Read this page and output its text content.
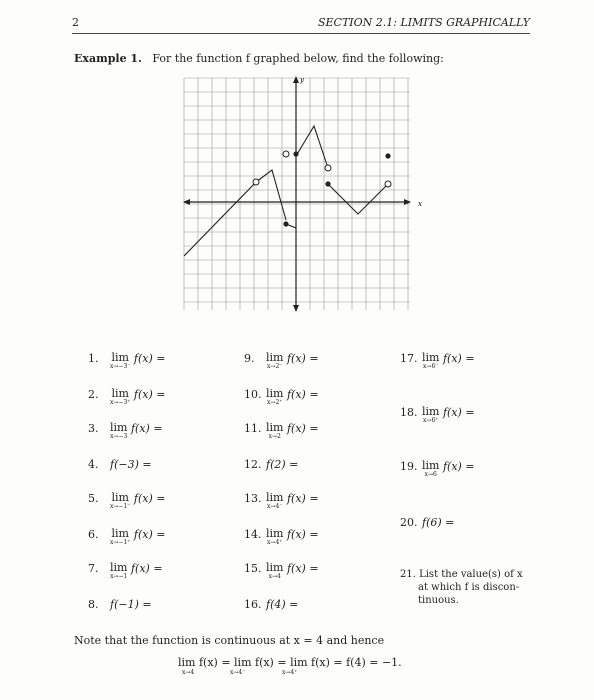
2	SECTION 2.1: LIMITS GRAPHICALLY
Example 1. For the function f graphed below, find the following:
y
x
1. lim
x→−3⁻
f(x) =
2. lim
x→−3⁺
f(x) =
3. lim
x→−3
f(x) =
4. f(−3) =
5. lim
x→−1⁻
f(x) =
6. lim
x→−1⁺
f(x) =
7. lim
x→−1
f(x) =
8. f(−1) =
9. lim
x→2⁻
f(x) =
10. lim
x→2⁺
f(x) =
11. lim
x→2
f(x) =
12. f(2) =
13. lim
x→4⁻
f(x) =
14. lim
x→4⁺
f(x) =
15. lim
x→4
f(x) =
16. f(4) =
17. lim
x→6⁻
f(x) =
18. lim
x→6⁺
f(x) =
19. lim
x→6
f(x) =
20. f(6) =
21. List the value(s) of x
at which f is discon-
tinuous.
Note that the function is continuous at x = 4 and hence
lim f(x) = lim f(x) = lim f(x) = f(4) = −1.
x→4	x→4⁻	x→4⁺
